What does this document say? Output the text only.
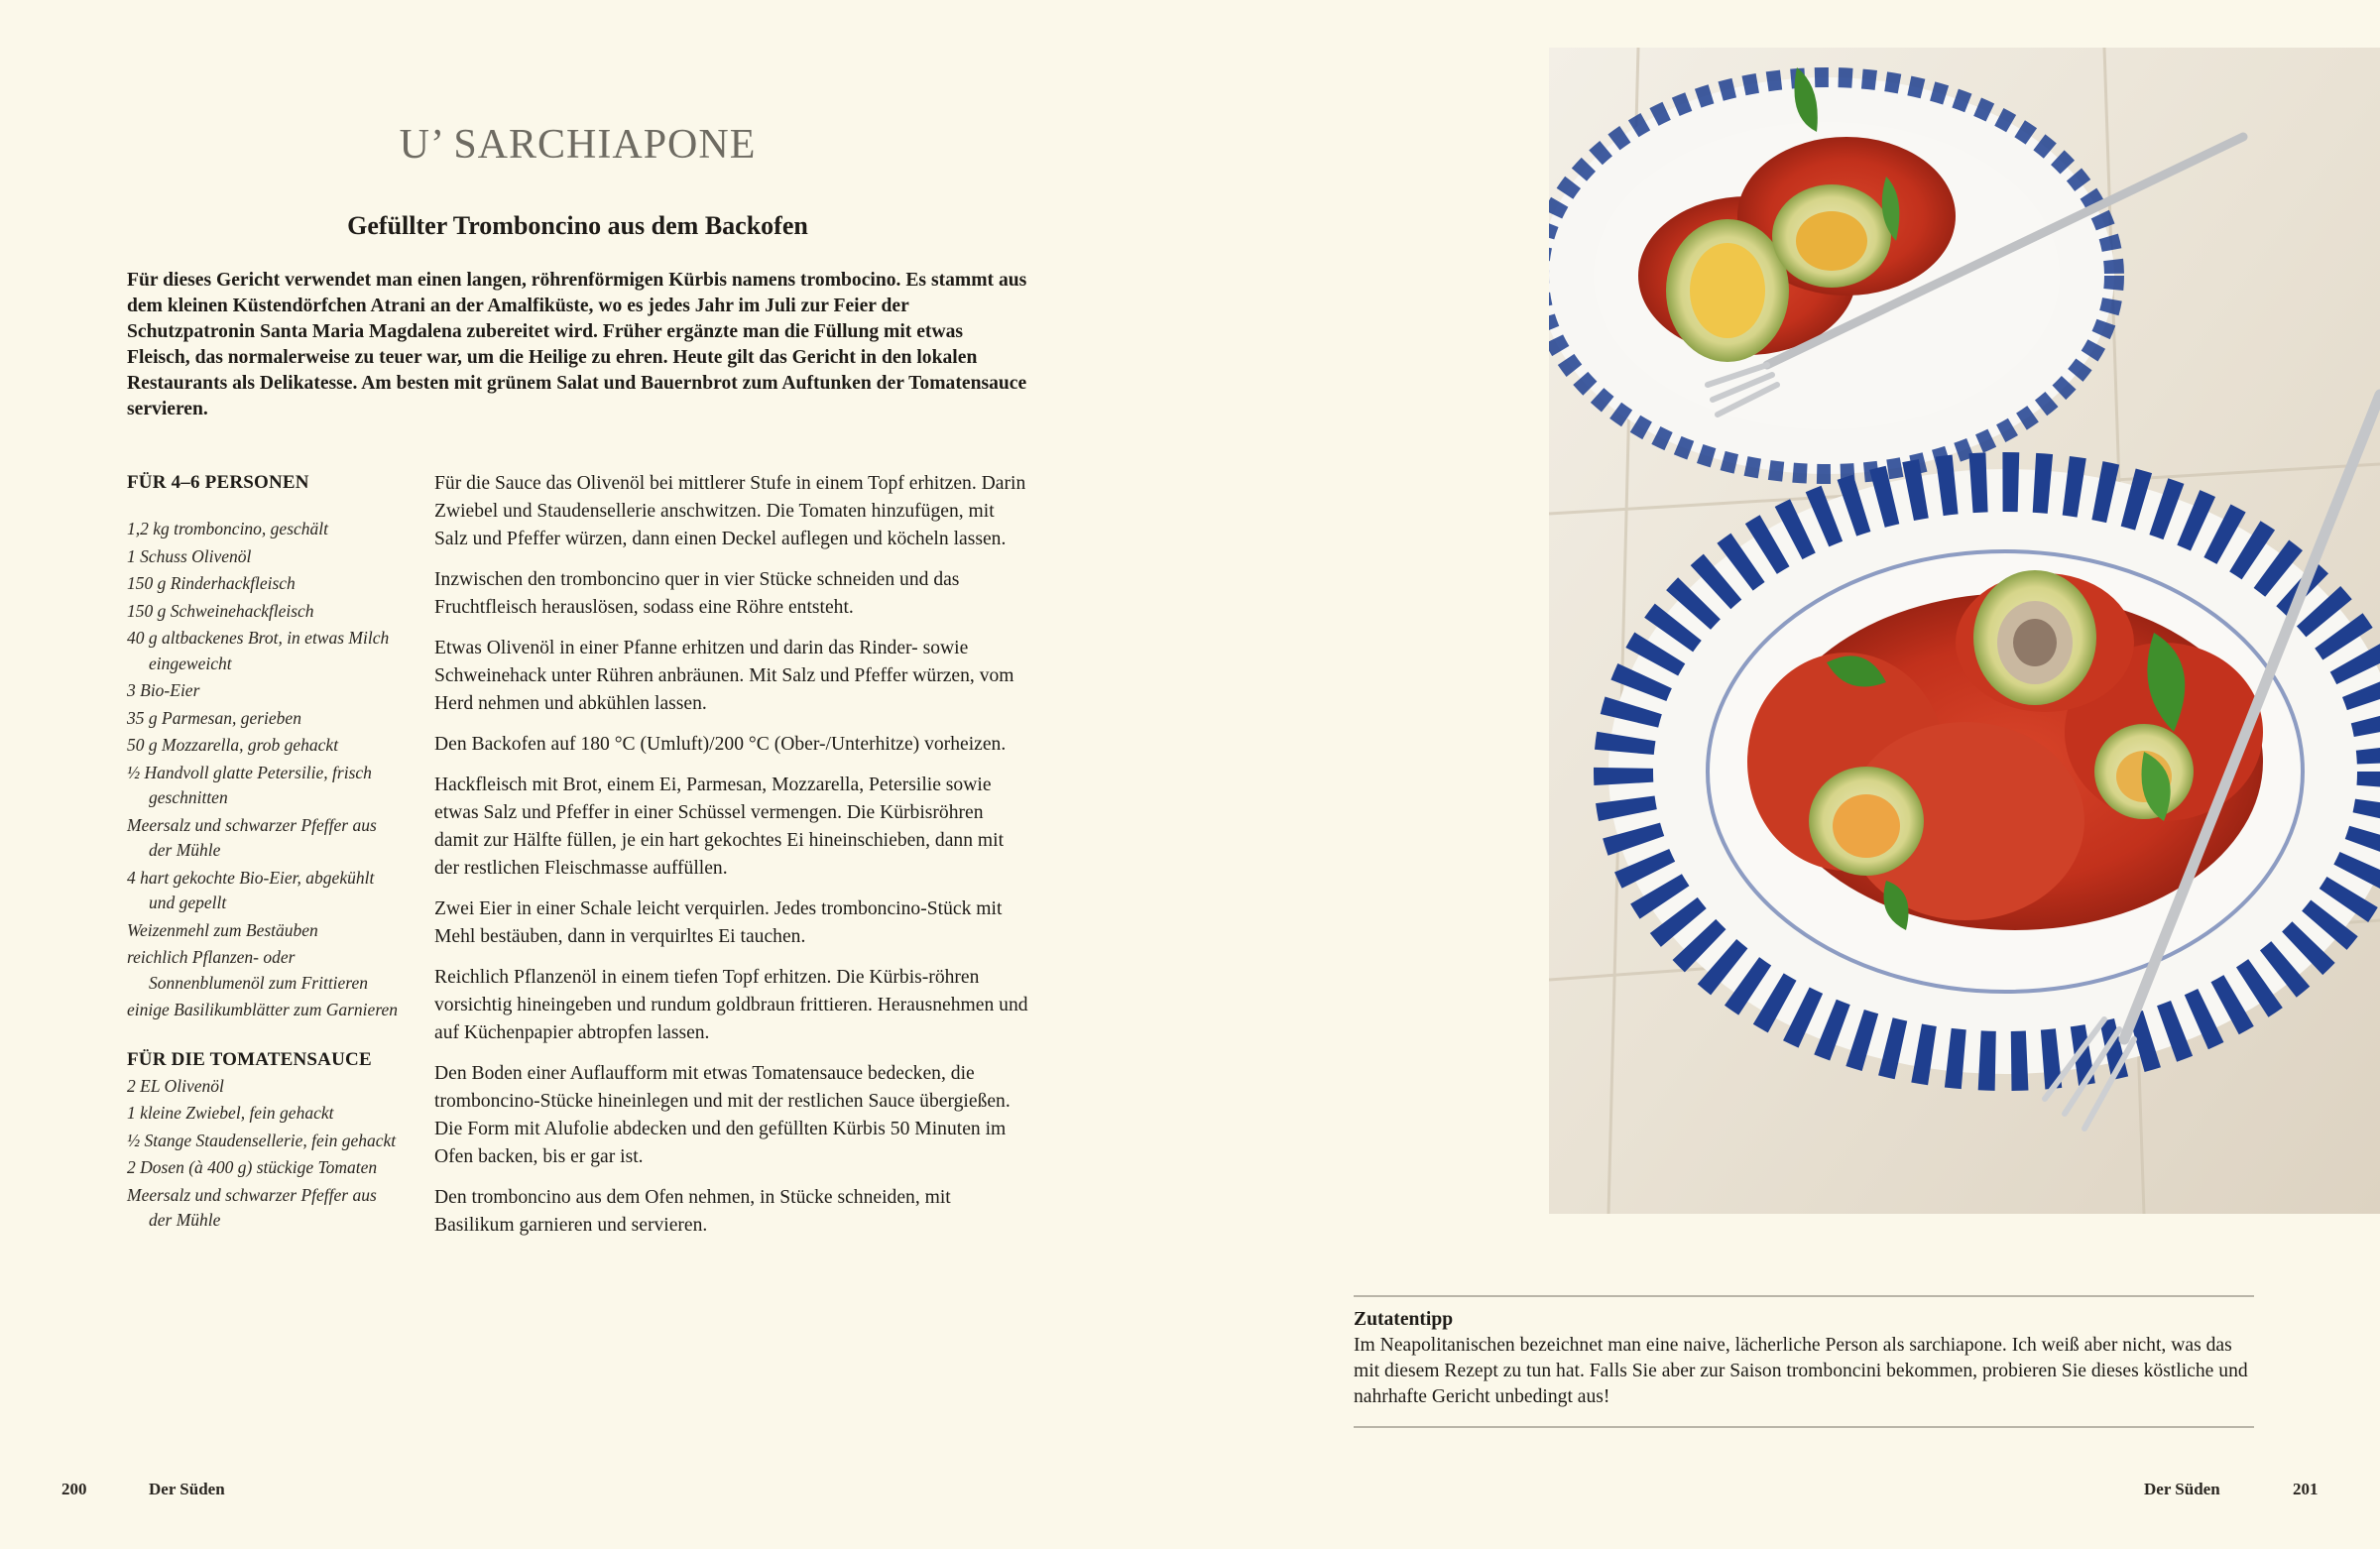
U’ SARCHIAPONE
Gefüllter Tromboncino aus dem Backofen

Für dieses Gericht verwendet man einen langen, röhrenförmigen Kürbis namens trombocino. Es stammt aus dem kleinen Küstendörfchen Atrani an der Amalfiküste, wo es jedes Jahr im Juli zur Feier der Schutzpatronin Santa Maria Magdalena zubereitet wird. Früher ergänzte man die Füllung mit etwas Fleisch, das normalerweise zu teuer war, um die Heilige zu ehren. Heute gilt das Gericht in den lokalen Restaurants als Delikatesse. Am besten mit grünem Salat und Bauernbrot zum Auftunken der Tomatensauce servieren.

FÜR 4–6 PERSONEN
1,2 kg tromboncino, geschält
1 Schuss Olivenöl
150 g Rinderhackfleisch
150 g Schweinehackfleisch
40 g altbackenes Brot, in etwas Milch eingeweicht
3 Bio-Eier
35 g Parmesan, gerieben
50 g Mozzarella, grob gehackt
½ Handvoll glatte Petersilie, frisch geschnitten
Meersalz und schwarzer Pfeffer aus der Mühle
4 hart gekochte Bio-Eier, abgekühlt und gepellt
Weizenmehl zum Bestäuben
reichlich Pflanzen- oder Sonnenblumenöl zum Frittieren
einige Basilikumblätter zum Garnieren
FÜR DIE TOMATENSAUCE
2 EL Olivenöl
1 kleine Zwiebel, fein gehackt
½ Stange Staudensellerie, fein gehackt
2 Dosen (à 400 g) stückige Tomaten
Meersalz und schwarzer Pfeffer aus der Mühle

Für die Sauce das Olivenöl bei mittlerer Stufe in einem Topf erhitzen. Darin Zwiebel und Staudensellerie anschwitzen. Die Tomaten hinzufügen, mit Salz und Pfeffer würzen, dann einen Deckel auflegen und köcheln lassen.

Inzwischen den tromboncino quer in vier Stücke schneiden und das Fruchtfleisch herauslösen, sodass eine Röhre entsteht.

Etwas Olivenöl in einer Pfanne erhitzen und darin das Rinder- sowie Schweinehack unter Rühren anbräunen. Mit Salz und Pfeffer würzen, vom Herd nehmen und abkühlen lassen.

Den Backofen auf 180 °C (Umluft)/200 °C (Ober-/Unterhitze) vorheizen.

Hackfleisch mit Brot, einem Ei, Parmesan, Mozzarella, Petersilie sowie etwas Salz und Pfeffer in einer Schüssel vermengen. Die Kürbisröhren damit zur Hälfte füllen, je ein hart gekochtes Ei hineinschieben, dann mit der restlichen Fleischmasse auffüllen.

Zwei Eier in einer Schale leicht verquirlen. Jedes tromboncino-Stück mit Mehl bestäuben, dann in verquirltes Ei tauchen.

Reichlich Pflanzenöl in einem tiefen Topf erhitzen. Die Kürbis-röhren vorsichtig hineingeben und rundum goldbraun frittieren. Herausnehmen und auf Küchenpapier abtropfen lassen.

Den Boden einer Auflaufform mit etwas Tomatensauce bedecken, die tromboncino-Stücke hineinlegen und mit der restlichen Sauce übergießen. Die Form mit Alufolie abdecken und den gefüllten Kürbis 50 Minuten im Ofen backen, bis er gar ist.

Den tromboncino aus dem Ofen nehmen, in Stücke schneiden, mit Basilikum garnieren und servieren.

200	Der Süden

Zutatentipp

Im Neapolitanischen bezeichnet man eine naive, lächerliche Person als sarchiapone. Ich weiß aber nicht, was das mit diesem Rezept zu tun hat. Falls Sie aber zur Saison tromboncini bekommen, probieren Sie dieses köstliche und nahrhafte Gericht unbedingt aus!

Der Süden	201
